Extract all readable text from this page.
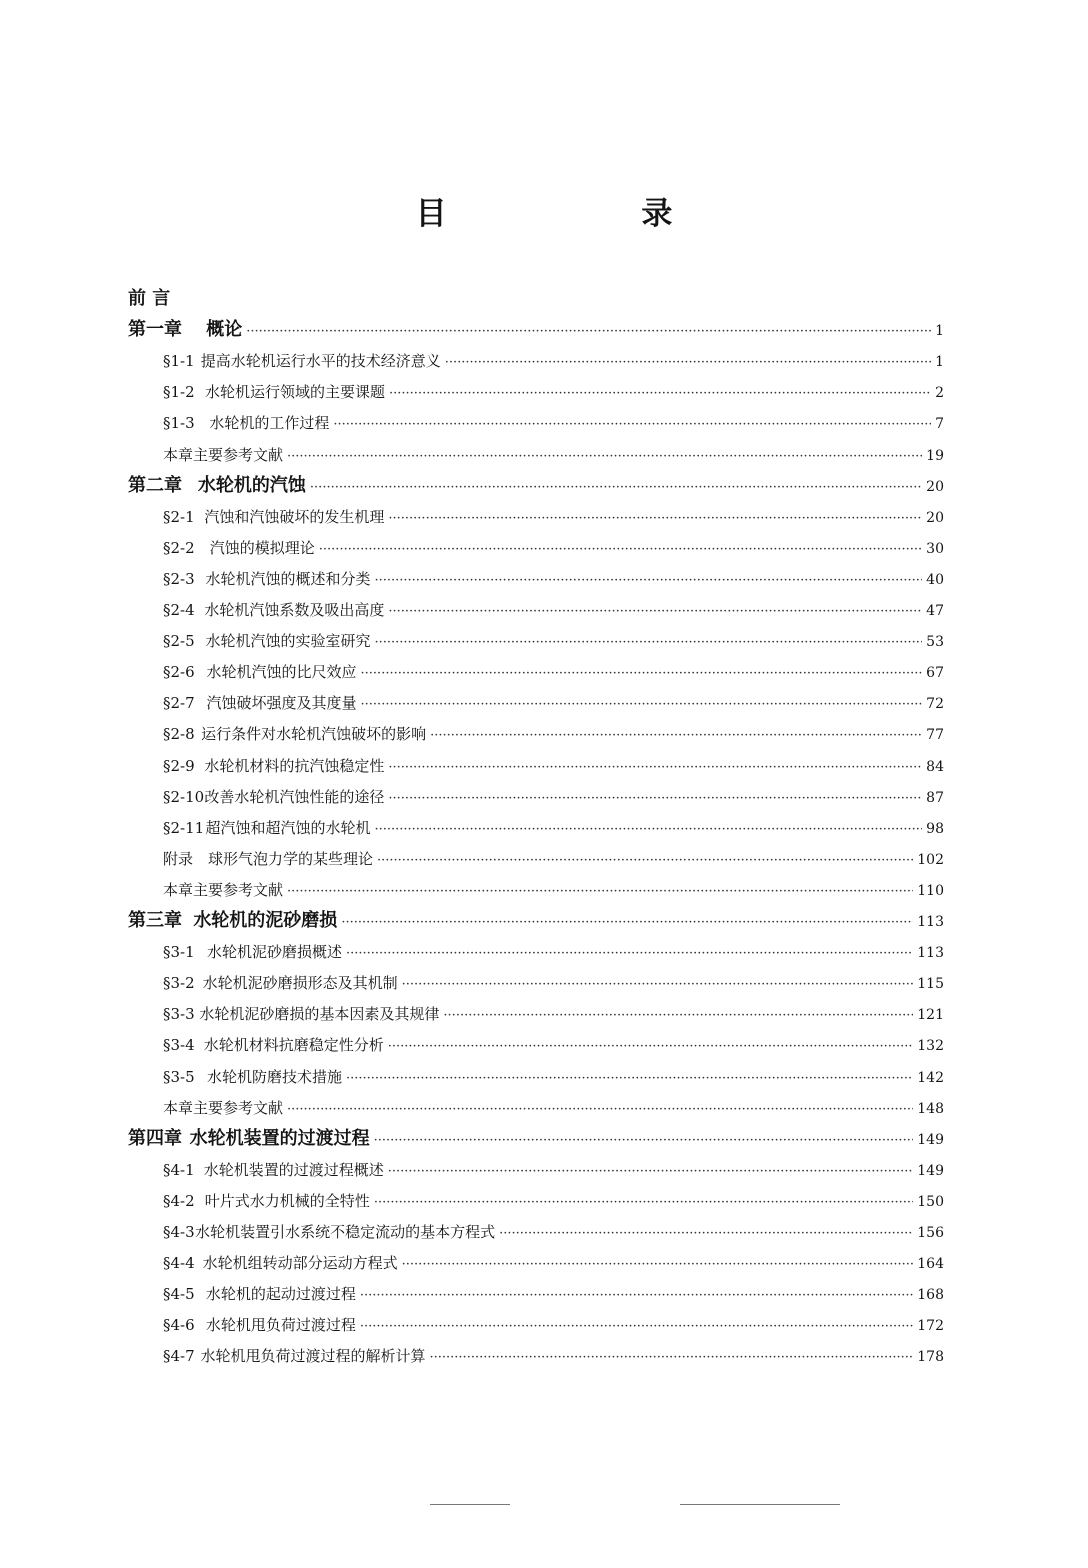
目 录
前 言
第一章	概论 ·····	1
§1-1 提高水轮机运行水平的技术经济意义 ·····	1
§1-2 水轮机运行领域的主要课题 ·····	2
§1-3 水轮机的工作过程 ·····	7
本章主要参考文献 ·····	19
第二章 水轮机的汽蚀 ·····	20
§2-1 汽蚀和汽蚀破坏的发生机理 ·····	20
§2-2	汽蚀的模拟理论 ·····	30
§2-3 水轮机汽蚀的概述和分类 ·····	40
§2-4 水轮机汽蚀系数及吸出高度 ·····	47
§2-5 水轮机汽蚀的实验室研究 ·····	53
§2-6 水轮机汽蚀的比尺效应 ·····	67
§2-7 汽蚀破坏强度及其度量 ·····	72
§2-8 运行条件对水轮机汽蚀破坏的影响 ·····	77
§2-9 水轮机材料的抗汽蚀稳定性 ·····	84
§2-10 改善水轮机汽蚀性能的途径 ·····	87
§2-11 超汽蚀和超汽蚀的水轮机 ·····	98
附录　球形气泡力学的某些理论 ·····	102
本章主要参考文献 ·····	110
第三章 水轮机的泥砂磨损 ·····	113
§3-1 水轮机泥砂磨损概述 ·····	113
§3-2 水轮机泥砂磨损形态及其机制 ·····	115
§3-3 水轮机泥砂磨损的基本因素及其规律 ·····	121
§3-4 水轮机材料抗磨稳定性分析 ·····	132
§3-5 水轮机防磨技术措施 ·····	142
本章主要参考文献 ·····	148
第四章 水轮机装置的过渡过程 ·····	149
§4-1 水轮机装置的过渡过程概述 ·····	149
§4-2 叶片式水力机械的全特性 ·····	150
§4-3 水轮机装置引水系统不稳定流动的基本方程式 ·····	156
§4-4 水轮机组转动部分运动方程式 ·····	164
§4-5 水轮机的起动过渡过程 ·····	168
§4-6 水轮机甩负荷过渡过程 ·····	172
§4-7 水轮机甩负荷过渡过程的解析计算 ·····	178
